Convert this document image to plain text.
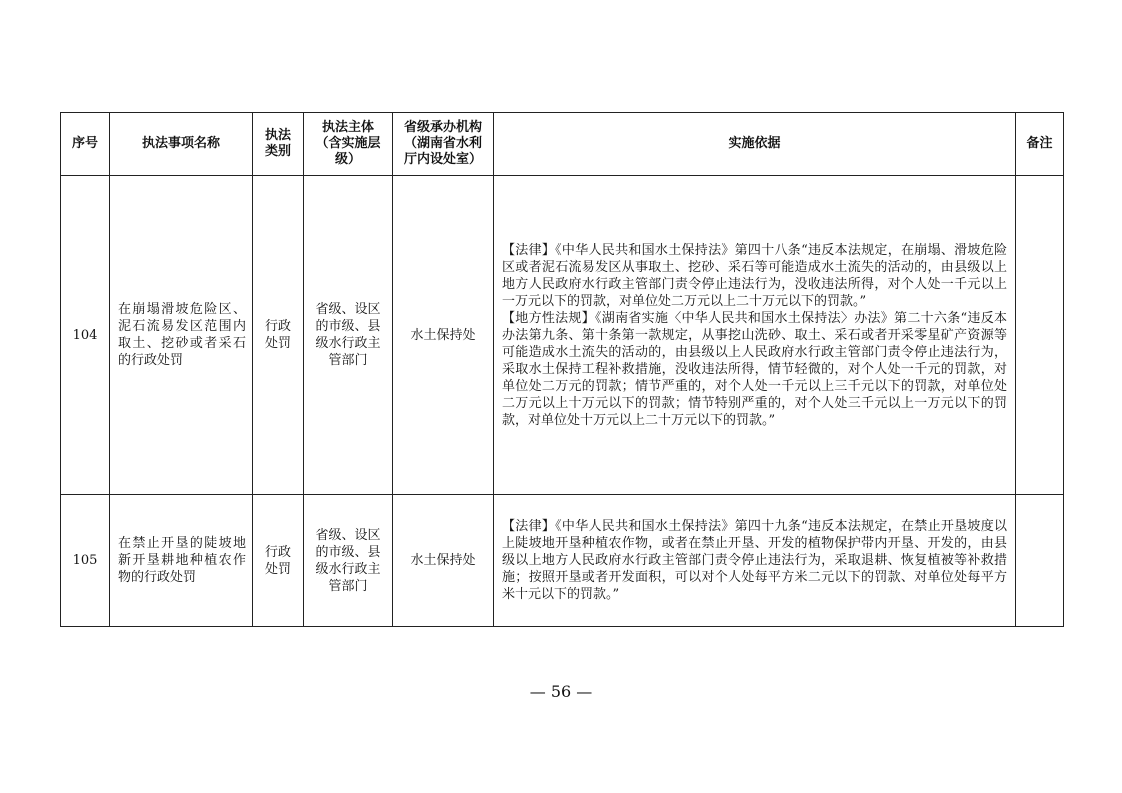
序号	执法事项名称	执法类别	执法主体（含实施层级）	省级承办机构（湖南省水利厅内设处室）	实施依据	备注
104	在崩塌滑坡危险区、泥石流易发区范围内取土、挖砂或者采石的行政处罚	行政处罚	省级、设区的市级、县级水行政主管部门	水土保持处	【法律】《中华人民共和国水土保持法》第四十八条“违反本法规定，在崩塌、滑坡危险区或者泥石流易发区从事取土、挖砂、采石等可能造成水土流失的活动的，由县级以上地方人民政府水行政主管部门责令停止违法行为，没收违法所得，对个人处一千元以上一万元以下的罚款，对单位处二万元以上二十万元以下的罚款。”

【地方性法规】《湖南省实施〈中华人民共和国水土保持法〉办法》第二十六条“违反本办法第九条、第十条第一款规定，从事挖山洗砂、取土、采石或者开采零星矿产资源等可能造成水土流失的活动的，由县级以上人民政府水行政主管部门责令停止违法行为，采取水土保持工程补救措施，没收违法所得，情节轻微的，对个人处一千元的罚款，对单位处二万元的罚款；情节严重的，对个人处一千元以上三千元以下的罚款，对单位处二万元以上十万元以下的罚款；情节特别严重的，对个人处三千元以上一万元以下的罚款，对单位处十万元以上二十万元以下的罚款。”	

105	在禁止开垦的陡坡地新开垦耕地种植农作物的行政处罚	行政处罚	省级、设区的市级、县级水行政主管部门	水土保持处	【法律】《中华人民共和国水土保持法》第四十九条“违反本法规定，在禁止开垦坡度以上陡坡地开垦种植农作物，或者在禁止开垦、开发的植物保护带内开垦、开发的，由县级以上地方人民政府水行政主管部门责令停止违法行为，采取退耕、恢复植被等补救措施；按照开垦或者开发面积，可以对个人处每平方米二元以下的罚款、对单位处每平方米十元以下的罚款。”	

— 56 —
